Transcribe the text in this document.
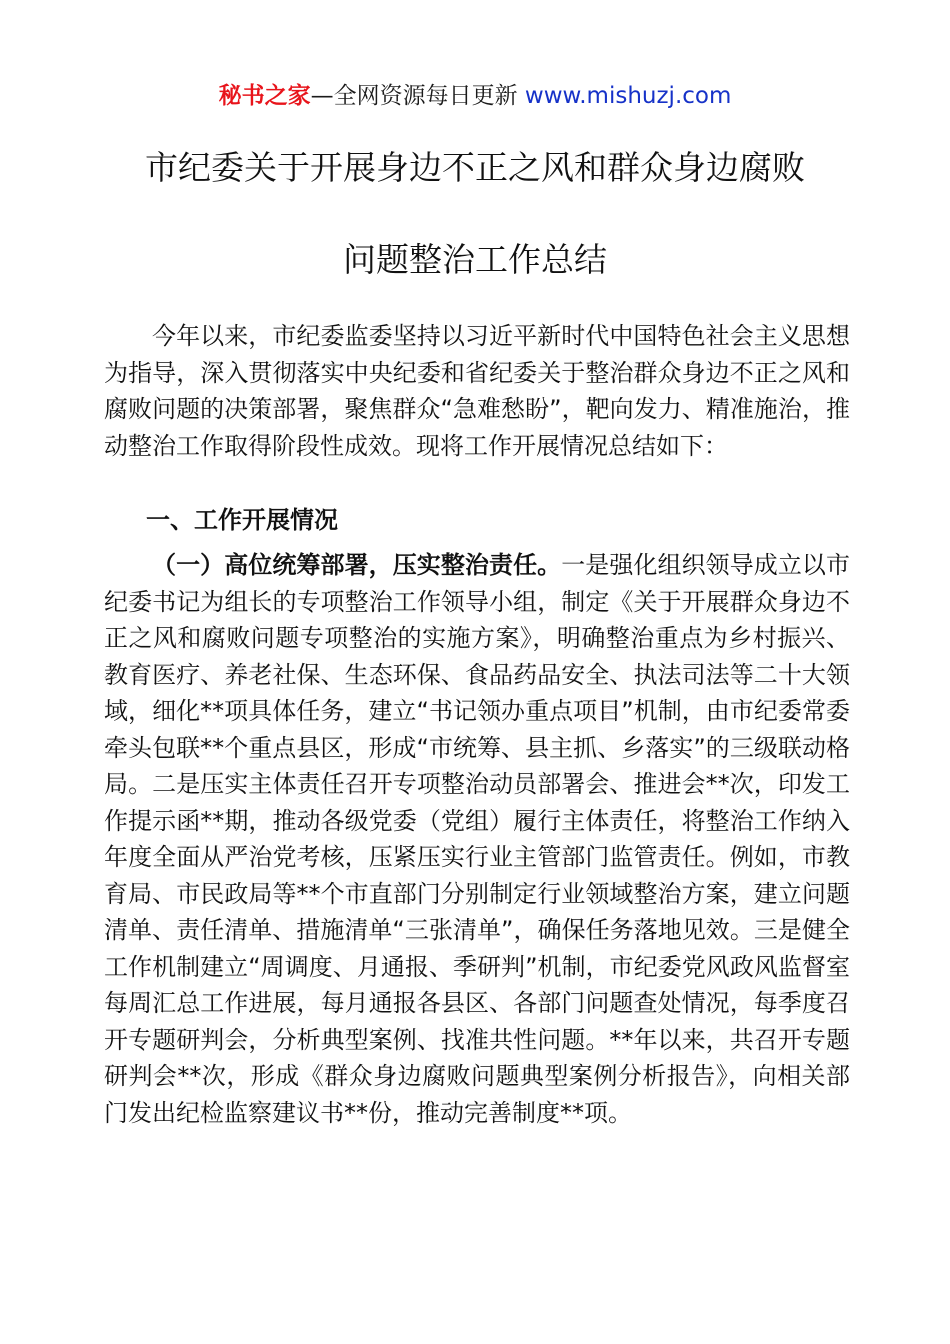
秘书之家—全网资源每日更新 www.mishuzj.com
市纪委关于开展身边不正之风和群众身边腐败
问题整治工作总结

今年以来，市纪委监委坚持以习近平新时代中国特色社会主义思想为指导，深入贯彻落实中央纪委和省纪委关于整治群众身边不正之风和腐败问题的决策部署，聚焦群众“急难愁盼”，靶向发力、精准施治，推动整治工作取得阶段性成效。现将工作开展情况总结如下：

一、工作开展情况

（一）高位统筹部署，压实整治责任。一是强化组织领导成立以市纪委书记为组长的专项整治工作领导小组，制定《关于开展群众身边不正之风和腐败问题专项整治的实施方案》，明确整治重点为乡村振兴、教育医疗、养老社保、生态环保、食品药品安全、执法司法等二十大领域，细化**项具体任务，建立“书记领办重点项目”机制，由市纪委常委牵头包联**个重点县区，形成“市统筹、县主抓、乡落实”的三级联动格局。二是压实主体责任召开专项整治动员部署会、推进会**次，印发工作提示函**期，推动各级党委（党组）履行主体责任，将整治工作纳入年度全面从严治党考核，压紧压实行业主管部门监管责任。例如，市教育局、市民政局等**个市直部门分别制定行业领域整治方案，建立问题清单、责任清单、措施清单“三张清单”，确保任务落地见效。三是健全工作机制建立“周调度、月通报、季研判”机制，市纪委党风政风监督室每周汇总工作进展，每月通报各县区、各部门问题查处情况，每季度召开专题研判会，分析典型案例、找准共性问题。**年以来，共召开专题研判会**次，形成《群众身边腐败问题典型案例分析报告》，向相关部门发出纪检监察建议书**份，推动完善制度**项。
